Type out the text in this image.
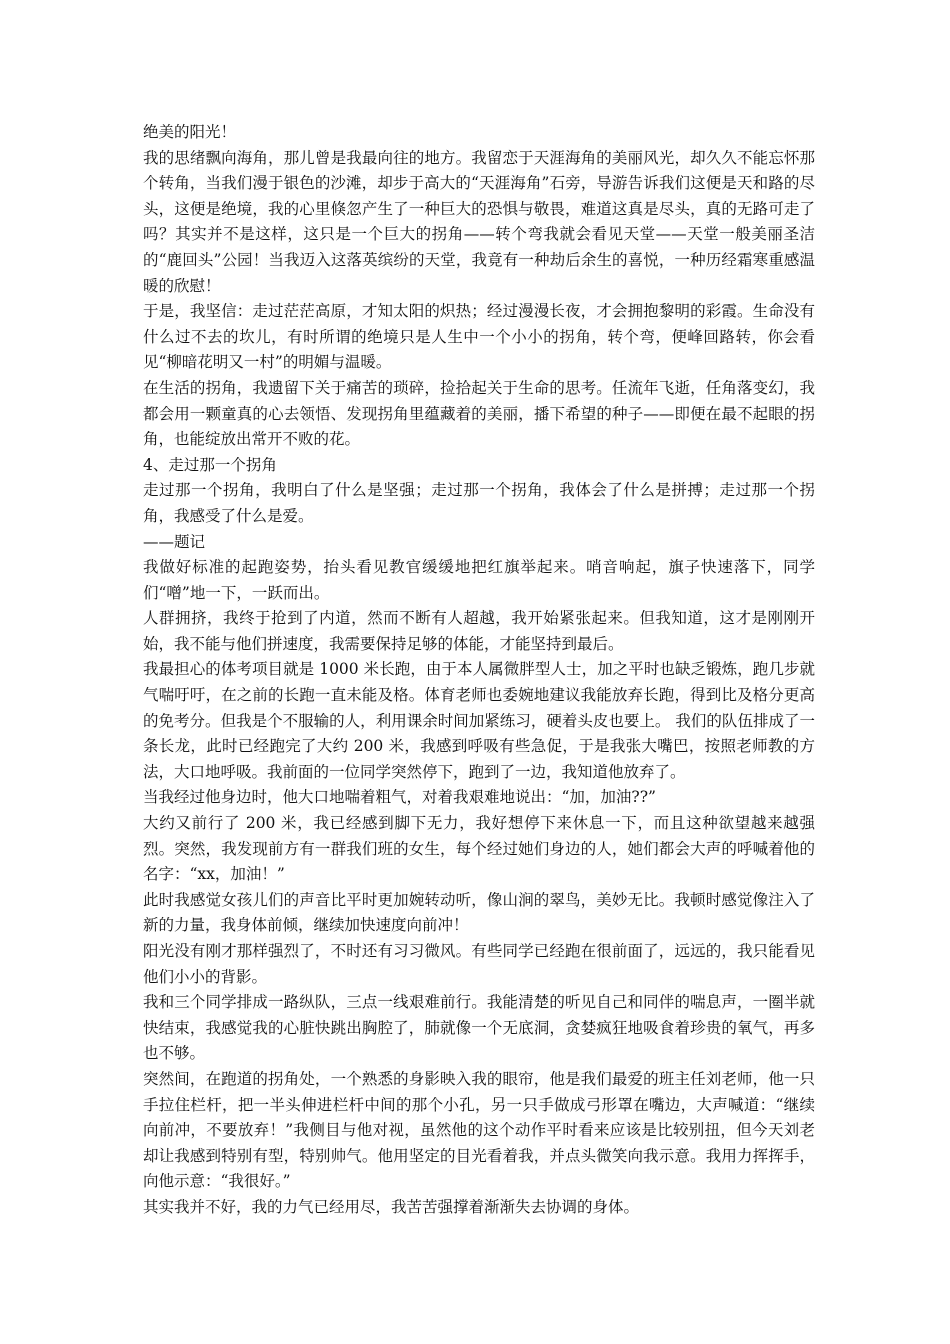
绝美的阳光！

我的思绪飘向海角，那儿曾是我最向往的地方。我留恋于天涯海角的美丽风光，却久久不能忘怀那个转角，当我们漫于银色的沙滩，却步于高大的“天涯海角”石旁，导游告诉我们这便是天和路的尽头，这便是绝境，我的心里倏忽产生了一种巨大的恐惧与敬畏，难道这真是尽头，真的无路可走了吗？其实并不是这样，这只是一个巨大的拐角——转个弯我就会看见天堂——天堂一般美丽圣洁的“鹿回头”公园！当我迈入这落英缤纷的天堂，我竟有一种劫后余生的喜悦，一种历经霜寒重感温暖的欣慰！

于是，我坚信：走过茫茫高原，才知太阳的炽热；经过漫漫长夜，才会拥抱黎明的彩霞。生命没有什么过不去的坎儿，有时所谓的绝境只是人生中一个小小的拐角，转个弯，便峰回路转，你会看见“柳暗花明又一村”的明媚与温暖。

在生活的拐角，我遗留下关于痛苦的琐碎，捡拾起关于生命的思考。任流年飞逝，任角落变幻，我都会用一颗童真的心去领悟、发现拐角里蕴藏着的美丽，播下希望的种子——即便在最不起眼的拐角，也能绽放出常开不败的花。

4、走过那一个拐角

走过那一个拐角，我明白了什么是坚强；走过那一个拐角，我体会了什么是拼搏；走过那一个拐角，我感受了什么是爱。

——题记

我做好标准的起跑姿势，抬头看见教官缓缓地把红旗举起来。哨音响起，旗子快速落下，同学们“噌”地一下，一跃而出。

人群拥挤，我终于抢到了内道，然而不断有人超越，我开始紧张起来。但我知道，这才是刚刚开始，我不能与他们拼速度，我需要保持足够的体能，才能坚持到最后。

我最担心的体考项目就是 1000 米长跑，由于本人属微胖型人士，加之平时也缺乏锻炼，跑几步就气喘吁吁，在之前的长跑一直未能及格。体育老师也委婉地建议我能放弃长跑，得到比及格分更高的免考分。但我是个不服输的人，利用课余时间加紧练习，硬着头皮也要上。 我们的队伍排成了一条长龙，此时已经跑完了大约 200 米，我感到呼吸有些急促，于是我张大嘴巴，按照老师教的方法，大口地呼吸。我前面的一位同学突然停下，跑到了一边，我知道他放弃了。

当我经过他身边时，他大口地喘着粗气，对着我艰难地说出：“加，加油??”

大约又前行了 200 米，我已经感到脚下无力，我好想停下来休息一下，而且这种欲望越来越强烈。突然，我发现前方有一群我们班的女生，每个经过她们身边的人，她们都会大声的呼喊着他的名字：“xx，加油！”

此时我感觉女孩儿们的声音比平时更加婉转动听，像山涧的翠鸟，美妙无比。我顿时感觉像注入了新的力量，我身体前倾，继续加快速度向前冲！

阳光没有刚才那样强烈了，不时还有习习微风。有些同学已经跑在很前面了，远远的，我只能看见他们小小的背影。

我和三个同学排成一路纵队，三点一线艰难前行。我能清楚的听见自己和同伴的喘息声，一圈半就快结束，我感觉我的心脏快跳出胸腔了，肺就像一个无底洞，贪婪疯狂地吸食着珍贵的氧气，再多也不够。

突然间，在跑道的拐角处，一个熟悉的身影映入我的眼帘，他是我们最爱的班主任刘老师，他一只手拉住栏杆，把一半头伸进栏杆中间的那个小孔，另一只手做成弓形罩在嘴边，大声喊道：“继续向前冲，不要放弃！”我侧目与他对视，虽然他的这个动作平时看来应该是比较别扭，但今天刘老却让我感到特别有型，特别帅气。他用坚定的目光看着我，并点头微笑向我示意。我用力挥挥手，向他示意：“我很好。”

其实我并不好，我的力气已经用尽，我苦苦强撑着渐渐失去协调的身体。
